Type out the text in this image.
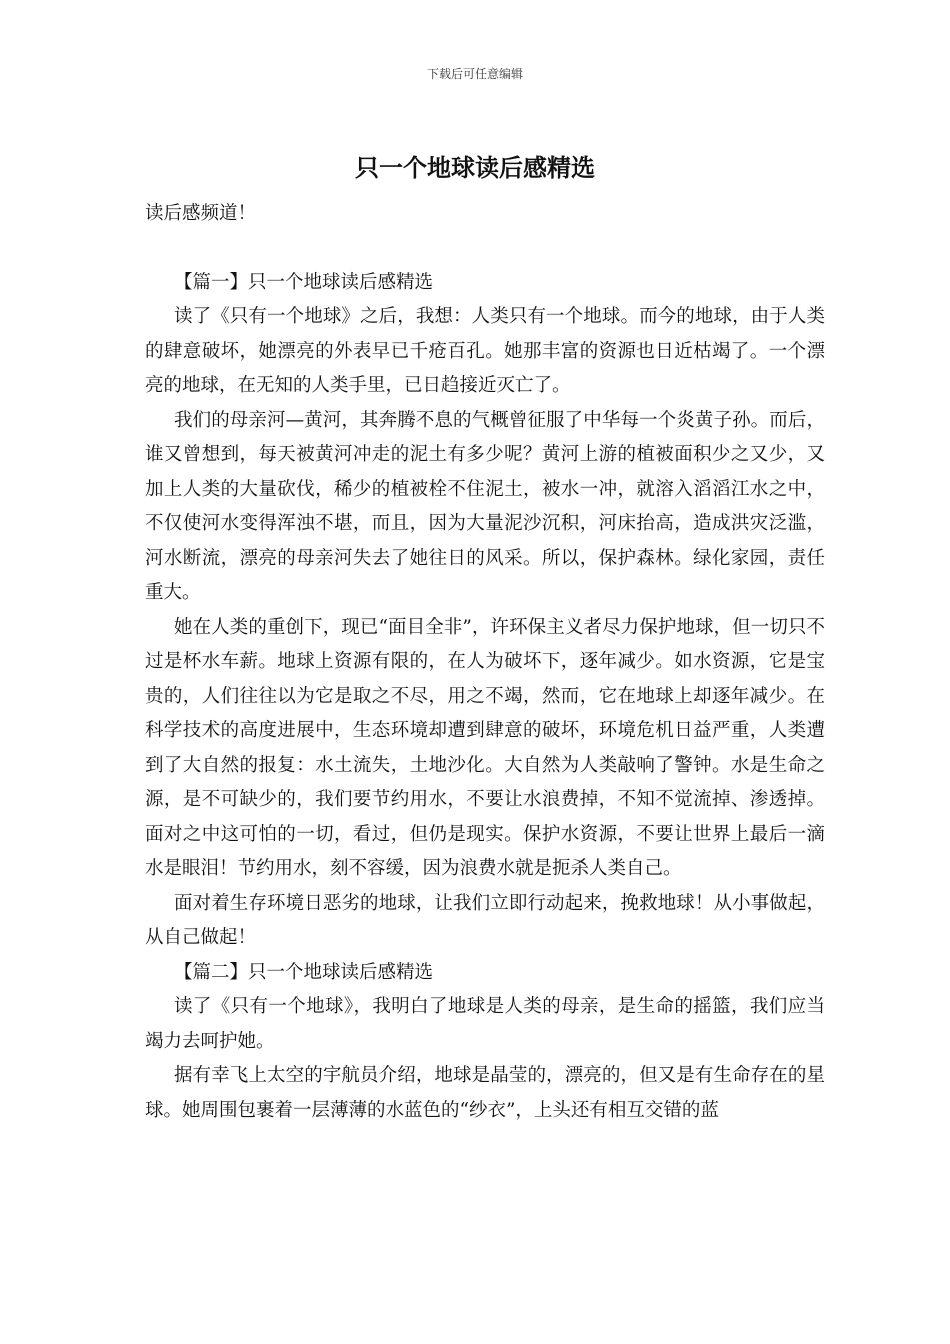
下载后可任意编辑
只一个地球读后感精选

读后感频道！

【篇一】只一个地球读后感精选

读了《只有一个地球》之后，我想：人类只有一个地球。而今的地球，由于人类的肆意破坏，她漂亮的外表早已千疮百孔。她那丰富的资源也日近枯竭了。一个漂亮的地球，在无知的人类手里，已日趋接近灭亡了。

我们的母亲河—黄河，其奔腾不息的气概曾征服了中华每一个炎黄子孙。而后，谁又曾想到，每天被黄河冲走的泥土有多少呢？黄河上游的植被面积少之又少，又加上人类的大量砍伐，稀少的植被栓不住泥土，被水一冲，就溶入滔滔江水之中，不仅使河水变得浑浊不堪，而且，因为大量泥沙沉积，河床抬高，造成洪灾泛滥，河水断流，漂亮的母亲河失去了她往日的风采。所以，保护森林。绿化家园，责任重大。

她在人类的重创下，现已“面目全非”，许环保主义者尽力保护地球，但一切只不过是杯水车薪。地球上资源有限的，在人为破坏下，逐年减少。如水资源，它是宝贵的，人们往往以为它是取之不尽，用之不竭，然而，它在地球上却逐年减少。在科学技术的高度进展中，生态环境却遭到肆意的破坏，环境危机日益严重，人类遭到了大自然的报复：水土流失，土地沙化。大自然为人类敲响了警钟。水是生命之源，是不可缺少的，我们要节约用水，不要让水浪费掉，不知不觉流掉、渗透掉。面对之中这可怕的一切，看过，但仍是现实。保护水资源，不要让世界上最后一滴水是眼泪！节约用水，刻不容缓，因为浪费水就是扼杀人类自己。

面对着生存环境日恶劣的地球，让我们立即行动起来，挽救地球！从小事做起，从自己做起！

【篇二】只一个地球读后感精选

读了《只有一个地球》，我明白了地球是人类的母亲，是生命的摇篮，我们应当竭力去呵护她。

据有幸飞上太空的宇航员介绍，地球是晶莹的，漂亮的，但又是有生命存在的星球。她周围包裹着一层薄薄的水蓝色的“纱衣”，上头还有相互交错的蓝
